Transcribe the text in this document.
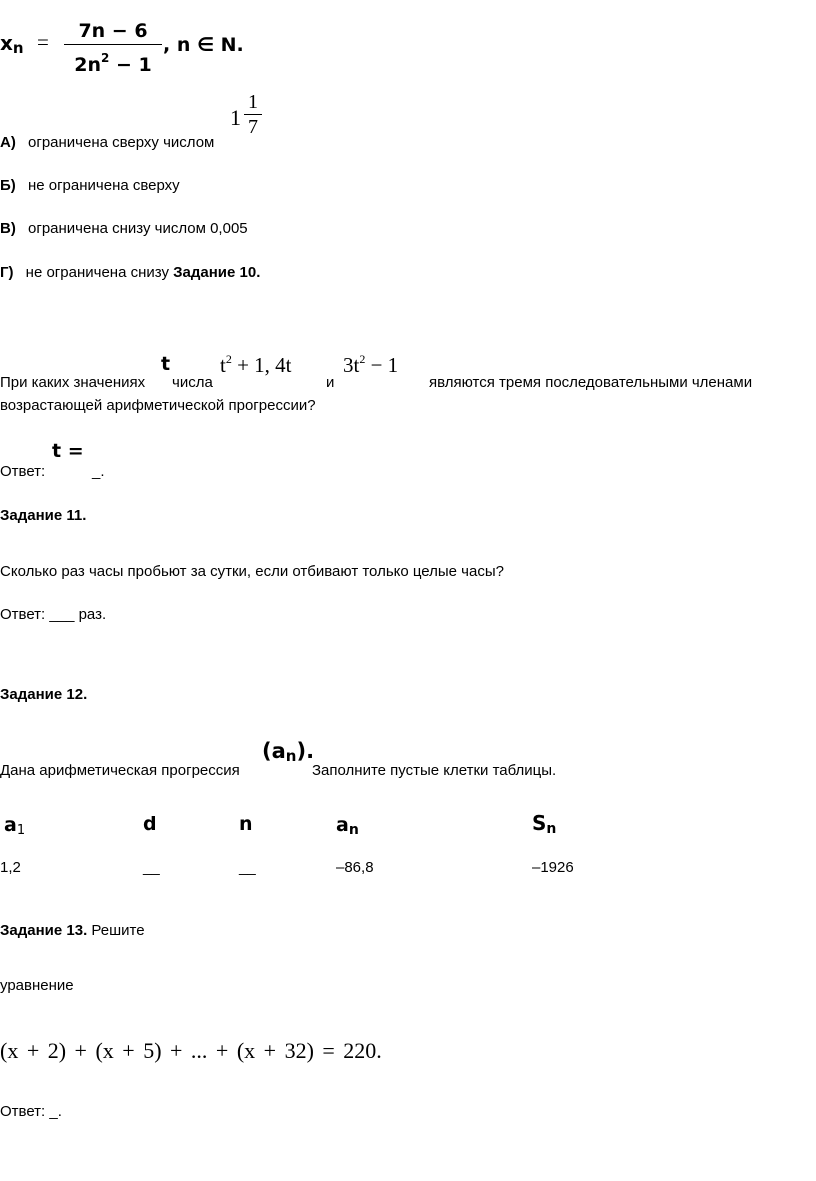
xn =	7n − 6
$2n^2 - 1$
, n ∈ N.
1
1
7
А) ограничена сверху числом
Б) не ограничена сверху
В) ограничена снизу числом 0,005
Г) не ограничена снизу Задание 10.
t $t^2 + 1$, 4t $3t^2 - 1$
При каких значениях числа	и	являются тремя последовательными членами
возрастающей арифметической прогрессии?
t =
Ответ:	_.
Задание 11.
Сколько раз часы пробьют за сутки, если отбивают только целые часы?
Ответ: ___ раз.
Задание 12.
(an).
Дана арифметическая прогрессия	Заполните пустые клетки таблицы.
a1	d	n	an	Sn
1,2	__	__	–86,8	–1926
Задание 13. Решите
уравнение
(x + 2) + (x + 5) + ... + (x + 32) = 220.
Ответ: _.
